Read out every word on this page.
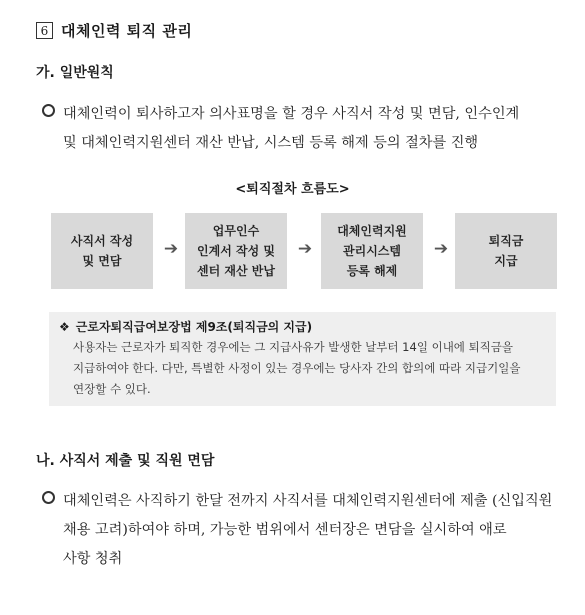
6 대체인력 퇴직 관리
가. 일반원칙
대체인력이 퇴사하고자 의사표명을 할 경우 사직서 작성 및 면담, 인수인계
및 대체인력지원센터 재산 반납, 시스템 등록 해제 등의 절차를 진행
<퇴직절차 흐름도>
사직서 작성
및 면담
➔
업무인수
인계서 작성 및
센터 재산 반납
➔
대체인력지원
관리시스템
등록 해제
➔	퇴직금
지급
❖ 근로자퇴직급여보장법 제9조(퇴직금의 지급)
사용자는 근로자가 퇴직한 경우에는 그 지급사유가 발생한 날부터 14일 이내에 퇴직금을
지급하여야 한다. 다만, 특별한 사정이 있는 경우에는 당사자 간의 합의에 따라 지급기일을
연장할 수 있다.
나. 사직서 제출 및 직원 면담
대체인력은 사직하기 한달 전까지 사직서를 대체인력지원센터에 제출 (신입직원
채용 고려)하여야 하며, 가능한 범위에서 센터장은 면담을 실시하여 애로
사항 청취
